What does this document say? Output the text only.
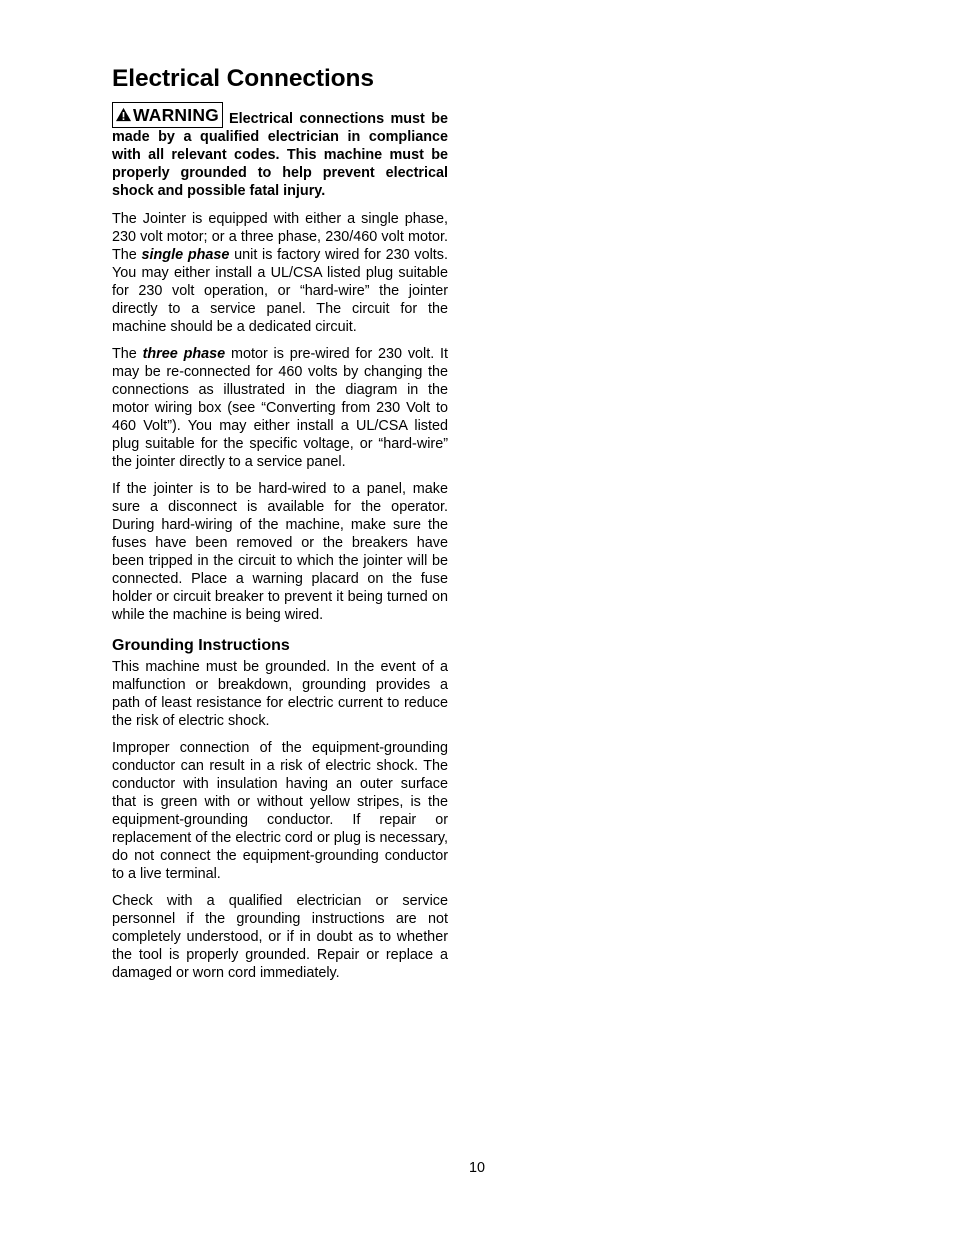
Electrical Connections

WARNING Electrical connections must be made by a qualified electrician in compliance with all relevant codes. This machine must be properly grounded to help prevent electrical shock and possible fatal injury.

The Jointer is equipped with either a single phase, 230 volt motor; or a three phase, 230/460 volt motor. The single phase unit is factory wired for 230 volts. You may either install a UL/CSA listed plug suitable for 230 volt operation, or “hard-wire” the jointer directly to a service panel. The circuit for the machine should be a dedicated circuit.

The three phase motor is pre-wired for 230 volt. It may be re-connected for 460 volts by changing the connections as illustrated in the diagram in the motor wiring box (see “Converting from 230 Volt to 460 Volt”). You may either install a UL/CSA listed plug suitable for the specific voltage, or “hard-wire” the jointer directly to a service panel.

If the jointer is to be hard-wired to a panel, make sure a disconnect is available for the operator. During hard-wiring of the machine, make sure the fuses have been removed or the breakers have been tripped in the circuit to which the jointer will be connected. Place a warning placard on the fuse holder or circuit breaker to prevent it being turned on while the machine is being wired.

Grounding Instructions

This machine must be grounded. In the event of a malfunction or breakdown, grounding provides a path of least resistance for electric current to reduce the risk of electric shock.

Improper connection of the equipment-grounding conductor can result in a risk of electric shock. The conductor with insulation having an outer surface that is green with or without yellow stripes, is the equipment-grounding conductor. If repair or replacement of the electric cord or plug is necessary, do not connect the equipment-grounding conductor to a live terminal.

Check with a qualified electrician or service personnel if the grounding instructions are not completely understood, or if in doubt as to whether the tool is properly grounded. Repair or replace a damaged or worn cord immediately.

10
